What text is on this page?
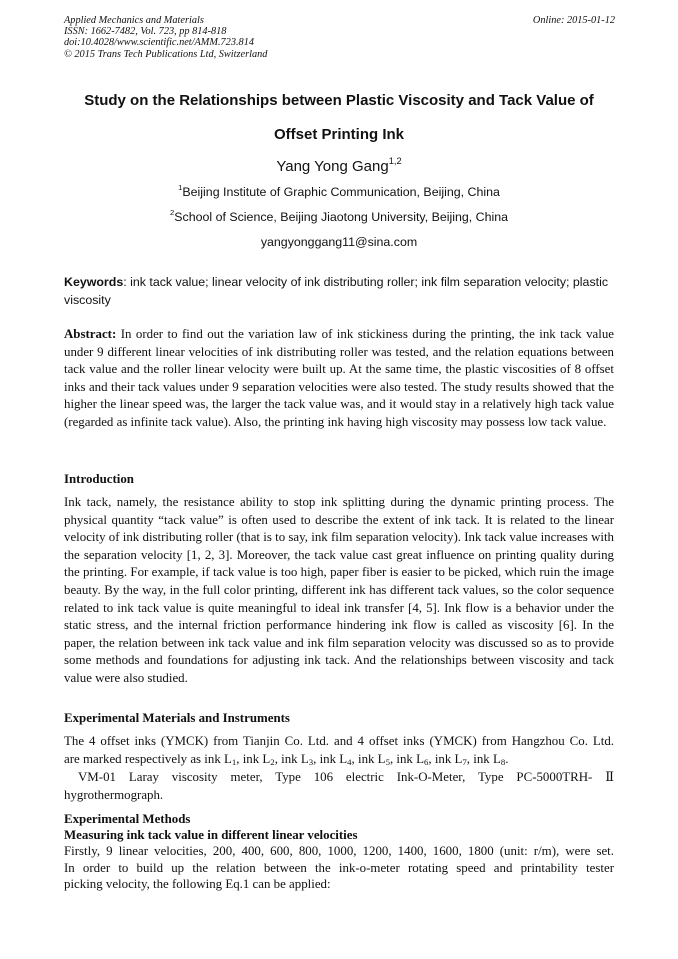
Applied Mechanics and Materials
ISSN: 1662-7482, Vol. 723, pp 814-818
doi:10.4028/www.scientific.net/AMM.723.814
© 2015 Trans Tech Publications Ltd, Switzerland
Online: 2015-01-12
Study on the Relationships between Plastic Viscosity and Tack Value of
Offset Printing Ink
Yang Yong Gang$^{1,2}$
$^1$Beijing Institute of Graphic Communication, Beijing, China
$^2$School of Science, Beijing Jiaotong University, Beijing, China
yangyonggang11@sina.com
Keywords: ink tack value; linear velocity of ink distributing roller; ink film separation velocity; plastic viscosity
Abstract: In order to find out the variation law of ink stickiness during the printing, the ink tack value under 9 different linear velocities of ink distributing roller was tested, and the relation equations between tack value and the roller linear velocity were built up. At the same time, the plastic viscosities of 8 offset inks and their tack values under 9 separation velocities were also tested. The study results showed that the higher the linear speed was, the larger the tack value was, and it would stay in a relatively high tack value (regarded as infinite tack value). Also, the printing ink having high viscosity may possess low tack value.
Introduction
Ink tack, namely, the resistance ability to stop ink splitting during the dynamic printing process. The physical quantity “tack value” is often used to describe the extent of ink tack. It is related to the linear velocity of ink distributing roller (that is to say, ink film separation velocity). Ink tack value increases with the separation velocity [1, 2, 3]. Moreover, the tack value cast great influence on printing quality during the printing. For example, if tack value is too high, paper fiber is easier to be picked, which ruin the image beauty. By the way, in the full color printing, different ink has different tack values, so the color sequence related to ink tack value is quite meaningful to ideal ink transfer [4, 5]. Ink flow is a behavior under the static stress, and the internal friction performance hindering ink flow is called as viscosity [6]. In the paper, the relation between ink tack value and ink film separation velocity was discussed so as to provide some methods and foundations for adjusting ink tack. And the relationships between viscosity and tack value were also studied.
Experimental Materials and Instruments
The 4 offset inks (YMCK) from Tianjin Co. Ltd. and 4 offset inks (YMCK) from Hangzhou Co. Ltd.
are marked respectively as ink $L_1$, ink $L_2$, ink $L_3$, ink $L_4$, ink $L_5$, ink $L_6$, ink $L_7$, ink $L_8$.
VM-01 Laray viscosity meter, Type 106 electric Ink-O-Meter, Type PC-5000TRH- Ⅱ
hygrothermograph.
Experimental Methods
Measuring ink tack value in different linear velocities
Firstly, 9 linear velocities, 200, 400, 600, 800, 1000, 1200, 1400, 1600, 1800 (unit: r/m), were set.
In order to build up the relation between the ink-o-meter rotating speed and printability tester
picking velocity, the following Eq.1 can be applied:
